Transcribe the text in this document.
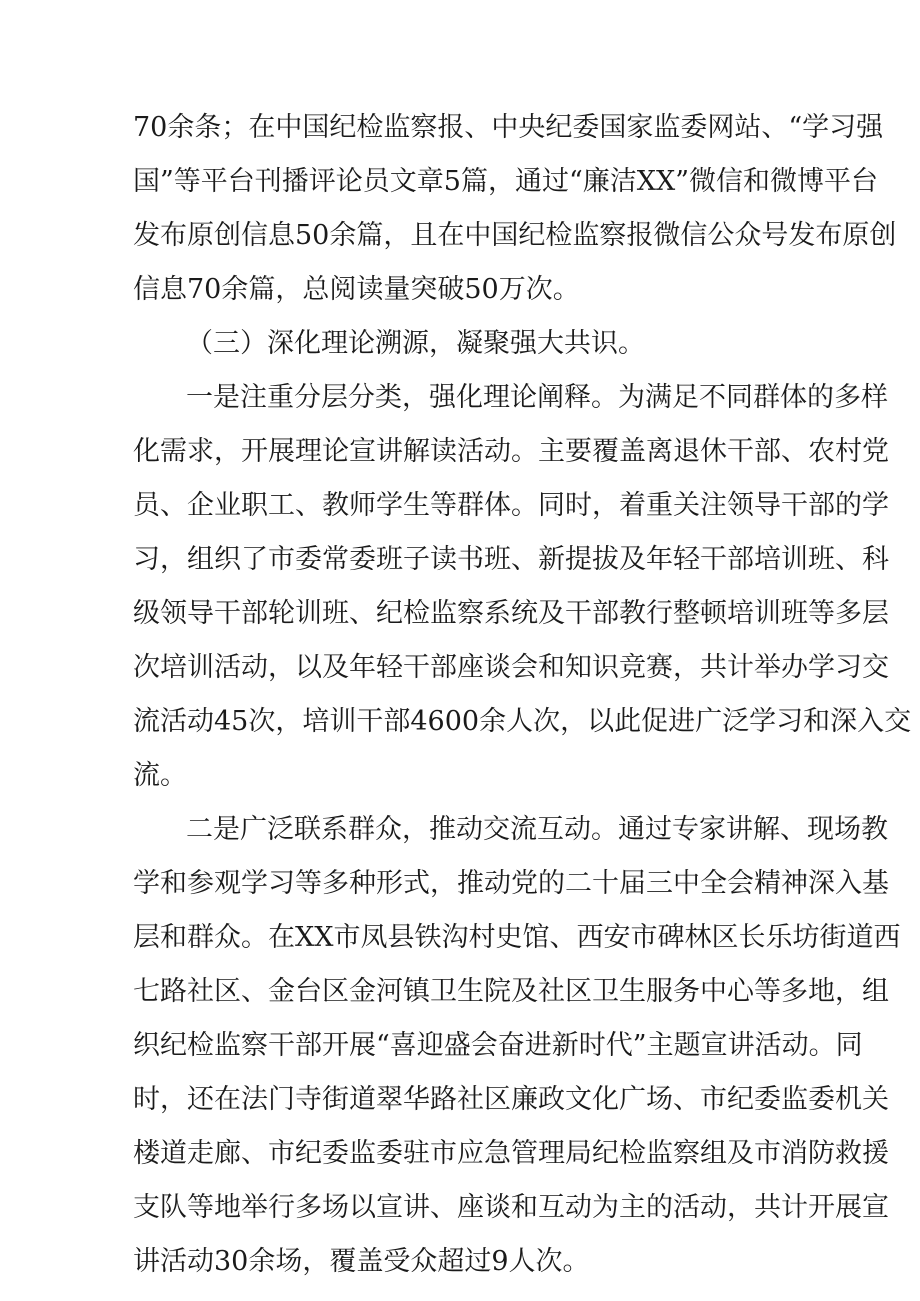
70余条；在中国纪检监察报、中央纪委国家监委网站、“学习强
国”等平台刊播评论员文章5篇，通过“廉洁XX”微信和微博平台
发布原创信息50余篇，且在中国纪检监察报微信公众号发布原创
信息70余篇，总阅读量突破50万次。
（三）深化理论溯源，凝聚强大共识。
一是注重分层分类，强化理论阐释。为满足不同群体的多样
化需求，开展理论宣讲解读活动。主要覆盖离退休干部、农村党
员、企业职工、教师学生等群体。同时，着重关注领导干部的学
习，组织了市委常委班子读书班、新提拔及年轻干部培训班、科
级领导干部轮训班、纪检监察系统及干部教行整顿培训班等多层
次培训活动，以及年轻干部座谈会和知识竞赛，共计举办学习交
流活动45次，培训干部4600余人次，以此促进广泛学习和深入交
流。
二是广泛联系群众，推动交流互动。通过专家讲解、现场教
学和参观学习等多种形式，推动党的二十届三中全会精神深入基
层和群众。在XX市凤县铁沟村史馆、西安市碑林区长乐坊街道西
七路社区、金台区金河镇卫生院及社区卫生服务中心等多地，组
织纪检监察干部开展“喜迎盛会奋进新时代”主题宣讲活动。同
时，还在法门寺街道翠华路社区廉政文化广场、市纪委监委机关
楼道走廊、市纪委监委驻市应急管理局纪检监察组及市消防救援
支队等地举行多场以宣讲、座谈和互动为主的活动，共计开展宣
讲活动30余场，覆盖受众超过9人次。
